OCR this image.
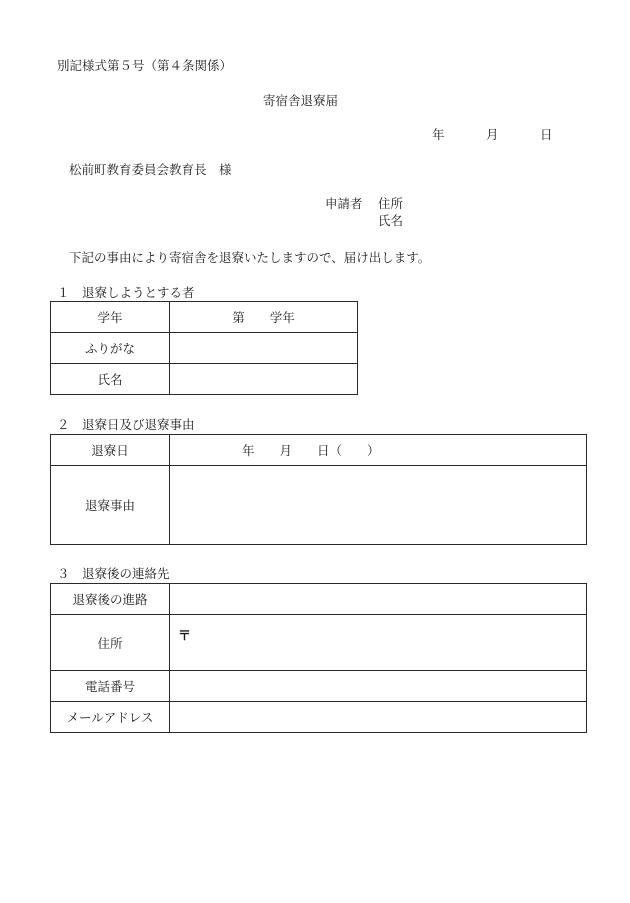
別記様式第５号（第４条関係）
寄宿舎退寮届
年	月	日
松前町教育委員会教育長　様
申請者 住所
氏名
下記の事由により寄宿舎を退寮いたしますので、届け出します。
１　退寮しようとする者
学年	第　　学年
ふりがな	
氏名	
２　退寮日及び退寮事由
退寮日	年　　月　　日（　　）
退寮事由	
３　退寮後の連絡先
退寮後の進路	
住所	〒

電話番号	
メールアドレス	
